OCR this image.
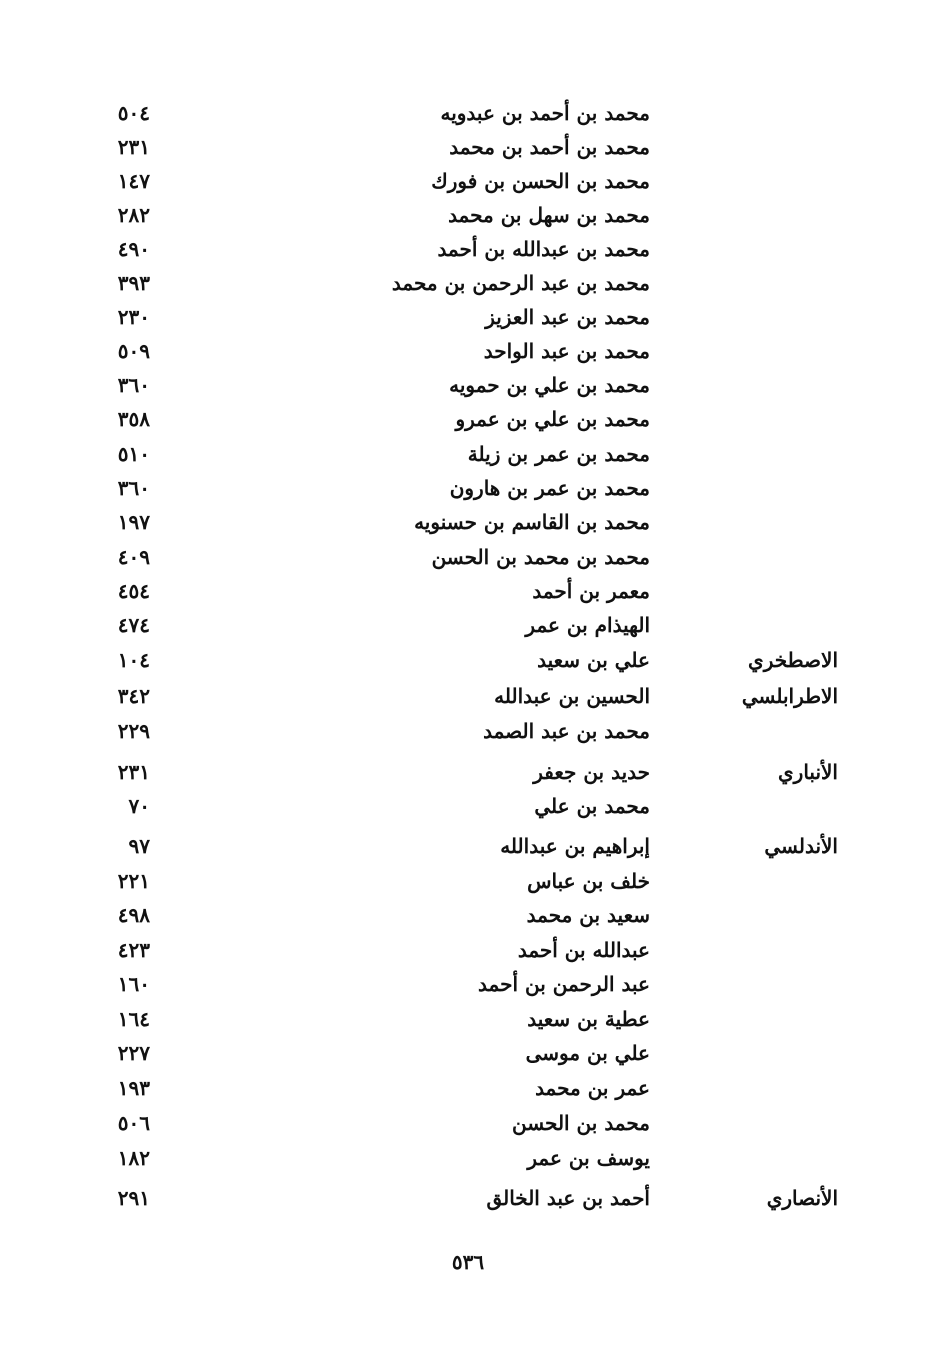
محمد بن أحمد بن عبدويه
٥٠٤
محمد بن أحمد بن محمد
٢٣١
محمد بن الحسن بن فورك
١٤٧
محمد بن سهل بن محمد
٢٨٢
محمد بن عبدالله بن أحمد
٤٩٠
محمد بن عبد الرحمن بن محمد
٣٩٣
محمد بن عبد العزيز
٢٣٠
محمد بن عبد الواحد
٥٠٩
محمد بن علي بن حمويه
٣٦٠
محمد بن علي بن عمرو
٣٥٨
محمد بن عمر بن زيلة
٥١٠
محمد بن عمر بن هارون
٣٦٠
محمد بن القاسم بن حسنويه
١٩٧
محمد بن محمد بن الحسن
٤٠٩
معمر بن أحمد
٤٥٤
الهيذام بن عمر
٤٧٤
الاصطخري
علي بن سعيد
١٠٤
الاطرابلسي
الحسين بن عبدالله
٣٤٢
محمد بن عبد الصمد
٢٢٩
الأنباري
حديد بن جعفر
٢٣١
محمد بن علي
٧٠
الأندلسي
إبراهيم بن عبدالله
٩٧
خلف بن عباس
٢٢١
سعيد بن محمد
٤٩٨
عبدالله بن أحمد
٤٢٣
عبد الرحمن بن أحمد
١٦٠
عطية بن سعيد
١٦٤
علي بن موسى
٢٢٧
عمر بن محمد
١٩٣
محمد بن الحسن
٥٠٦
يوسف بن عمر
١٨٢
الأنصاري
أحمد بن عبد الخالق
٢٩١
٥٣٦
